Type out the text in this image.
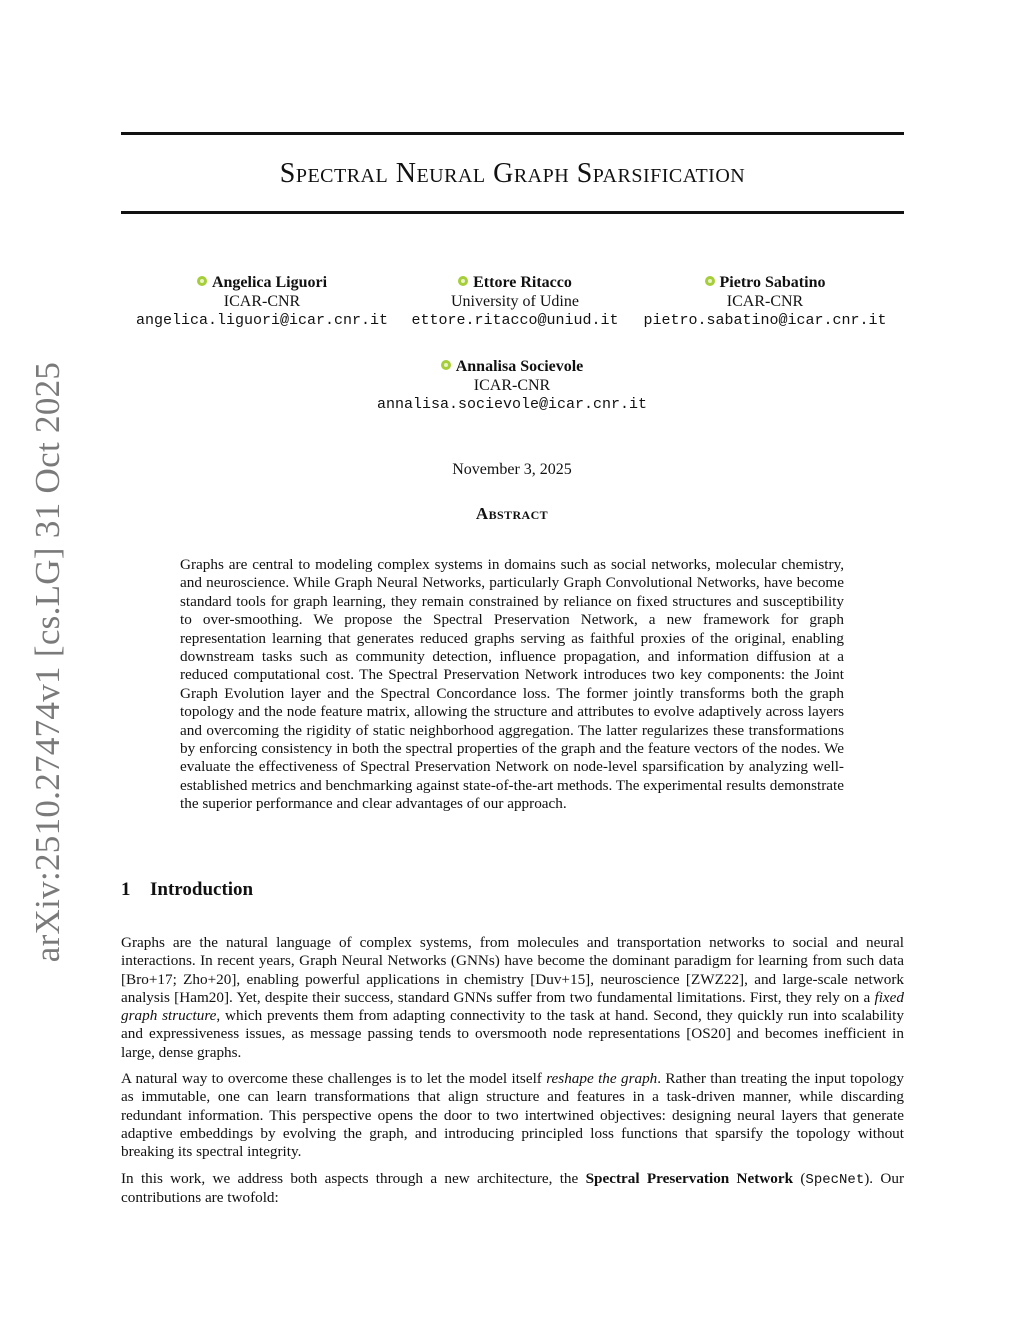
arXiv:2510.27474v1 [cs.LG] 31 Oct 2025
Spectral Neural Graph Sparsification
Angelica Liguori
ICAR-CNR
angelica.liguori@icar.cnr.it
Ettore Ritacco
University of Udine
ettore.ritacco@uniud.it
Pietro Sabatino
ICAR-CNR
pietro.sabatino@icar.cnr.it
Annalisa Socievole
ICAR-CNR
annalisa.socievole@icar.cnr.it
November 3, 2025
Abstract
Graphs are central to modeling complex systems in domains such as social networks, molecular chemistry, and neuroscience. While Graph Neural Networks, particularly Graph Convolutional Networks, have become standard tools for graph learning, they remain constrained by reliance on fixed structures and susceptibility to over-smoothing. We propose the Spectral Preservation Network, a new framework for graph representation learning that generates reduced graphs serving as faithful proxies of the original, enabling downstream tasks such as community detection, influence propagation, and information diffusion at a reduced computational cost. The Spectral Preservation Network introduces two key components: the Joint Graph Evolution layer and the Spectral Concordance loss. The former jointly transforms both the graph topology and the node feature matrix, allowing the structure and attributes to evolve adaptively across layers and overcoming the rigidity of static neighborhood aggregation. The latter regularizes these transformations by enforcing consistency in both the spectral properties of the graph and the feature vectors of the nodes. We evaluate the effectiveness of Spectral Preservation Network on node-level sparsification by analyzing well-established metrics and benchmarking against state-of-the-art methods. The experimental results demonstrate the superior performance and clear advantages of our approach.
1 Introduction

Graphs are the natural language of complex systems, from molecules and transportation networks to social and neural interactions. In recent years, Graph Neural Networks (GNNs) have become the dominant paradigm for learning from such data [Bro+17; Zho+20], enabling powerful applications in chemistry [Duv+15], neuroscience [ZWZ22], and large-scale network analysis [Ham20]. Yet, despite their success, standard GNNs suffer from two fundamental limitations. First, they rely on a fixed graph structure, which prevents them from adapting connectivity to the task at hand. Second, they quickly run into scalability and expressiveness issues, as message passing tends to oversmooth node representations [OS20] and becomes inefficient in large, dense graphs.

A natural way to overcome these challenges is to let the model itself reshape the graph. Rather than treating the input topology as immutable, one can learn transformations that align structure and features in a task-driven manner, while discarding redundant information. This perspective opens the door to two intertwined objectives: designing neural layers that generate adaptive embeddings by evolving the graph, and introducing principled loss functions that sparsify the topology without breaking its spectral integrity.

In this work, we address both aspects through a new architecture, the Spectral Preservation Network (SpecNet). Our contributions are twofold:
